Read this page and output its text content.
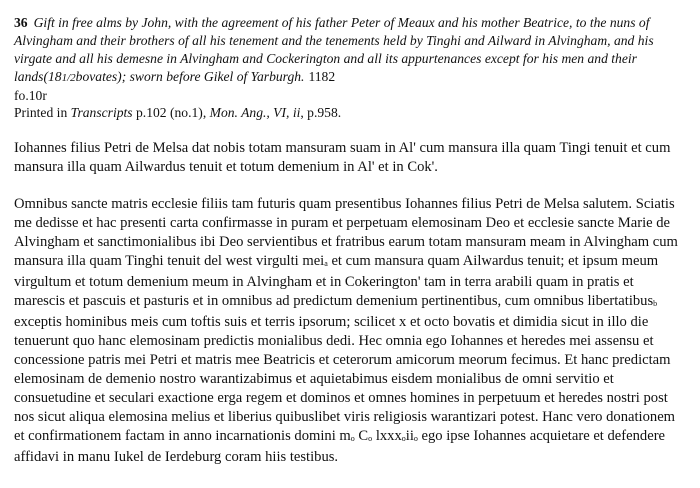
36 Gift in free alms by John, with the agreement of his father Peter of Meaux and his mother Beatrice, to the nuns of Alvingham and their brothers of all his tenement and the tenements held by Tinghi and Ailward in Alvingham, and his virgate and all his demesne in Alvingham and Cockerington and all its appurtenances except for his men and their lands(181/2bovates); sworn before Gikel of Yarburgh. 1182
fo.10r
Printed in Transcripts p.102 (no.1), Mon. Ang., VI, ii, p.958.
Iohannes filius Petri de Melsa dat nobis totam mansuram suam in Al' cum mansura illa quam Tingi tenuit et cum mansura illa quam Ailwardus tenuit et totum demenium in Al' et in Cok'.
Omnibus sancte matris ecclesie filiis tam futuris quam presentibus Iohannes filius Petri de Melsa salutem. Sciatis me dedisse et hac presenti carta confirmasse in puram et perpetuam elemosinam Deo et ecclesie sancte Marie de Alvingham et sanctimonialibus ibi Deo servientibus et fratribus earum totam mansuram meam in Alvingham cum mansura illa quam Tinghi tenuit del west virgulti meia et cum mansura quam Ailwardus tenuit; et ipsum meum virgultum et totum demenium meum in Alvingham et in Cokerington' tam in terra arabili quam in pratis et marescis et pascuis et pasturis et in omnibus ad predictum demenium pertinentibus, cum omnibus libertatibusb exceptis hominibus meis cum toftis suis et terris ipsorum; scilicet x et octo bovatis et dimidia sicut in illo die tenuerunt quo hanc elemosinam predictis monialibus dedi. Hec omnia ego Iohannes et heredes mei assensu et concessione patris mei Petri et matris mee Beatricis et ceterorum amicorum meorum fecimus. Et hanc predictam elemosinam de demenio nostro warantizabimus et aquietabimus eisdem monialibus de omni servitio et consuetudine et seculari exactione erga regem et dominos et omnes homines in perpetuum et heredes nostri post nos sicut aliqua elemosina melius et liberius quibuslibet viris religiosis warantizari potest. Hanc vero donationem et confirmationem factam in anno incarnationis domini mo Co lxxxoiio ego ipse Iohannes acquietare et defendere affidavi in manu Iukel de Ierdeburg coram hiis testibus.
